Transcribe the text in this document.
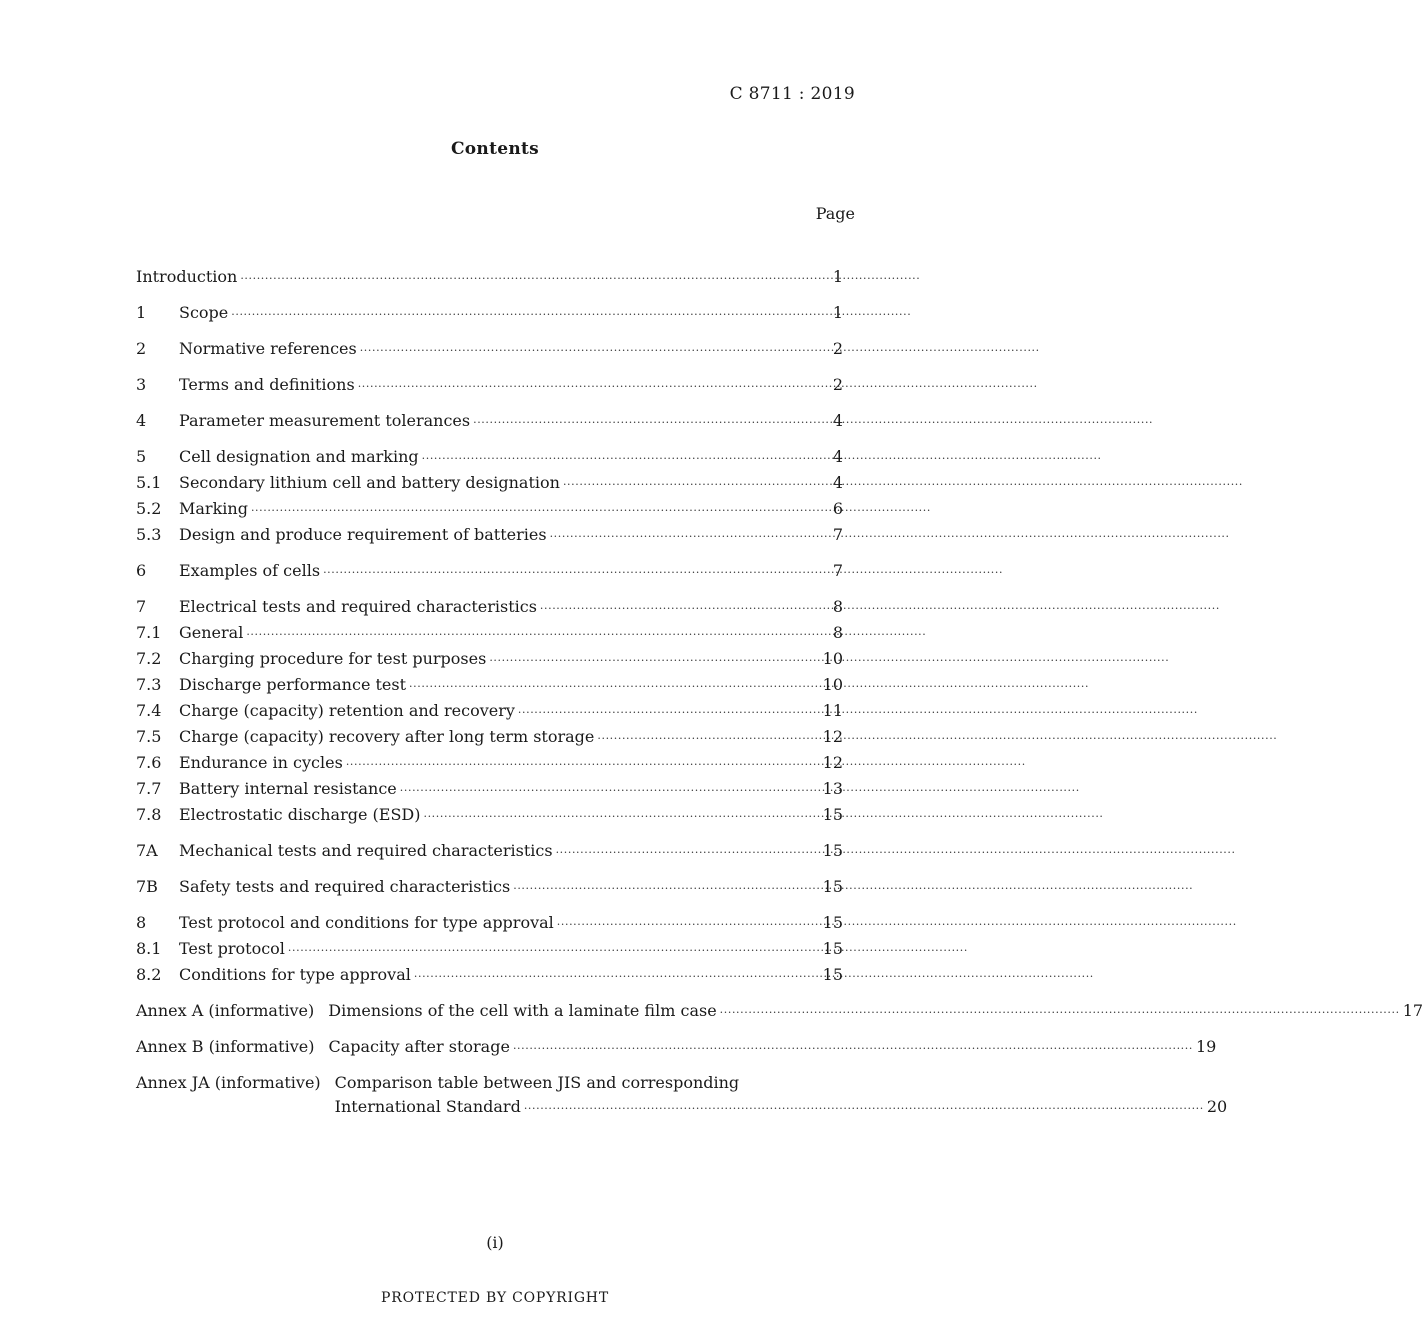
C 8711 : 2019
Contents
Page
Introduction ·····	1
1	Scope ·····	1
2	Normative references ·····	2
3	Terms and definitions ·····	2
4	Parameter measurement tolerances ·····	4
5	Cell designation and marking ·····	4
5.1	Secondary lithium cell and battery designation ·····	4
5.2	Marking ·····	6
5.3	Design and produce requirement of batteries ·····	7
6	Examples of cells ·····	7
7	Electrical tests and required characteristics ·····	8
7.1	General ·····	8
7.2	Charging procedure for test purposes ·····	10
7.3	Discharge performance test ·····	10
7.4	Charge (capacity) retention and recovery ·····	11
7.5	Charge (capacity) recovery after long term storage ·····	12
7.6	Endurance in cycles ·····	12
7.7	Battery internal resistance ·····	13
7.8	Electrostatic discharge (ESD) ·····	15
7A	Mechanical tests and required characteristics ·····	15
7B	Safety tests and required characteristics ·····	15
8	Test protocol and conditions for type approval ·····	15
8.1	Test protocol ·····	15
8.2	Conditions for type approval ·····	15
Annex A (informative) Dimensions of the cell with a laminate film case ·····	17
Annex B (informative) Capacity after storage ·····	19
Annex JA (informative) Comparison table between JIS and corresponding
International Standard ·····	20
(i)
PROTECTED BY COPYRIGHT
